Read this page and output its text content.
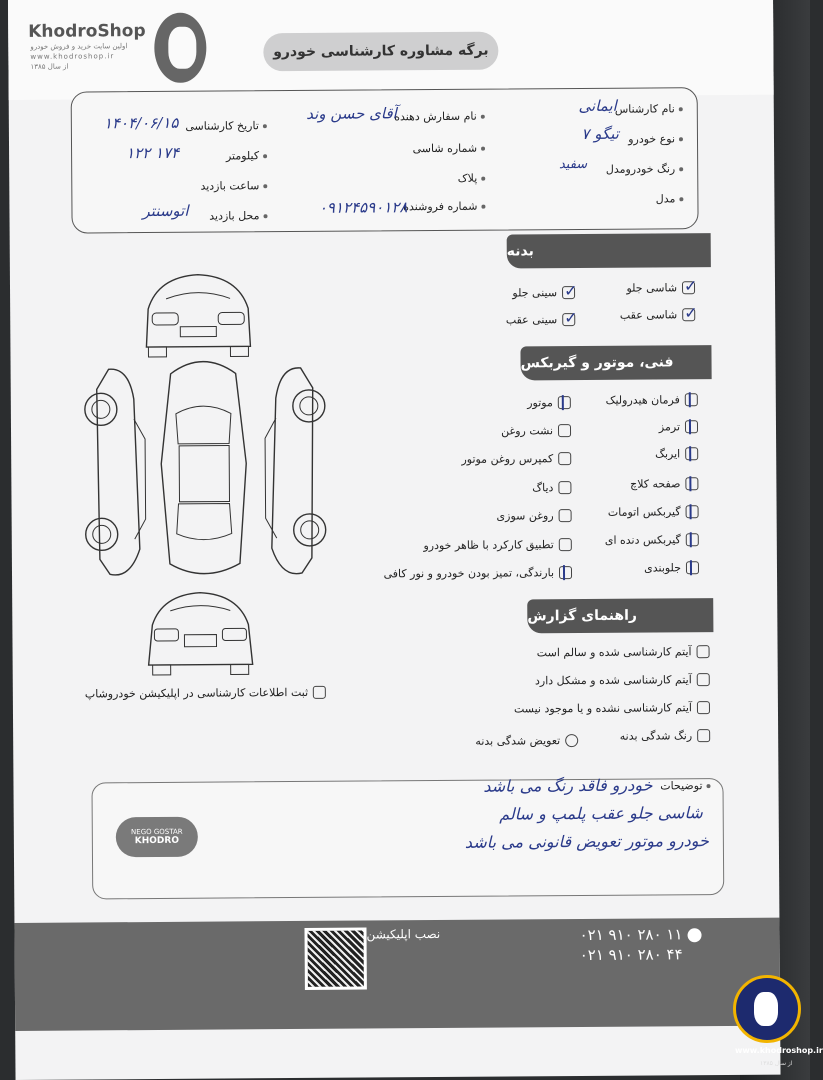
KhodroShop
اولین سایت خرید و فروش خودرو
www.khodroshop.ir
از سال ۱۳۸۵
برگه مشاوره کارشناسی خودرو
نام کارشناس
ایمانی
نوع خودرو
تیگو ۷
رنگ خودرومدل
سفید
مدل
نام سفارش دهنده
آقای حسن وند
شماره شاسی
پلاک
شماره فروشنده
۰۹۱۲۴۵۹۰۱۲۸
تاریخ کارشناسی
۱۴۰۴/۰۶/۱۵
کیلومتر
۱۷۴ ۱۲۲
ساعت بازدید
محل بازدید
اتوسنتر
بدنه
✓
شاسی جلو
✓
سینی جلو
✓
شاسی عقب
✓
سینی عقب
فنی، موتور و گیربکس
ثبت اطلاعات کارشناسی در اپلیکیشن خودروشاپ
راهنمای گزارش
آیتم کارشناسی شده و سالم است
آیتم کارشناسی شده و مشکل دارد
آیتم کارشناسی نشده و یا موجود نیست
رنگ شدگی بدنه
تعویض شدگی بدنه
توضیحات
خودرو فاقد رنگ می باشد
شاسی جلو عقب پلمپ و سالم
خودرو موتور تعویض قانونی می باشد
NEGO GOSTAR
KHODRO
نصب اپلیکیشن	۰۲۱ ۹۱۰ ۲۸۰ ۱۱
۰۲۱ ۹۱۰ ۲۸۰ ۴۴
فرمان هیدرولیک
ترمز
ایربگ
صفحه کلاچ
گیربکس اتومات
گیربکس دنده ای
جلوبندی
موتور
نشت روغن
کمپرس روغن موتور
دیاگ
روغن سوزی
تطبیق کارکرد با ظاهر خودرو
بارندگی، تمیز بودن خودرو و نور کافی
www.khodroshop.ir
از سال ۱۳۸۵
